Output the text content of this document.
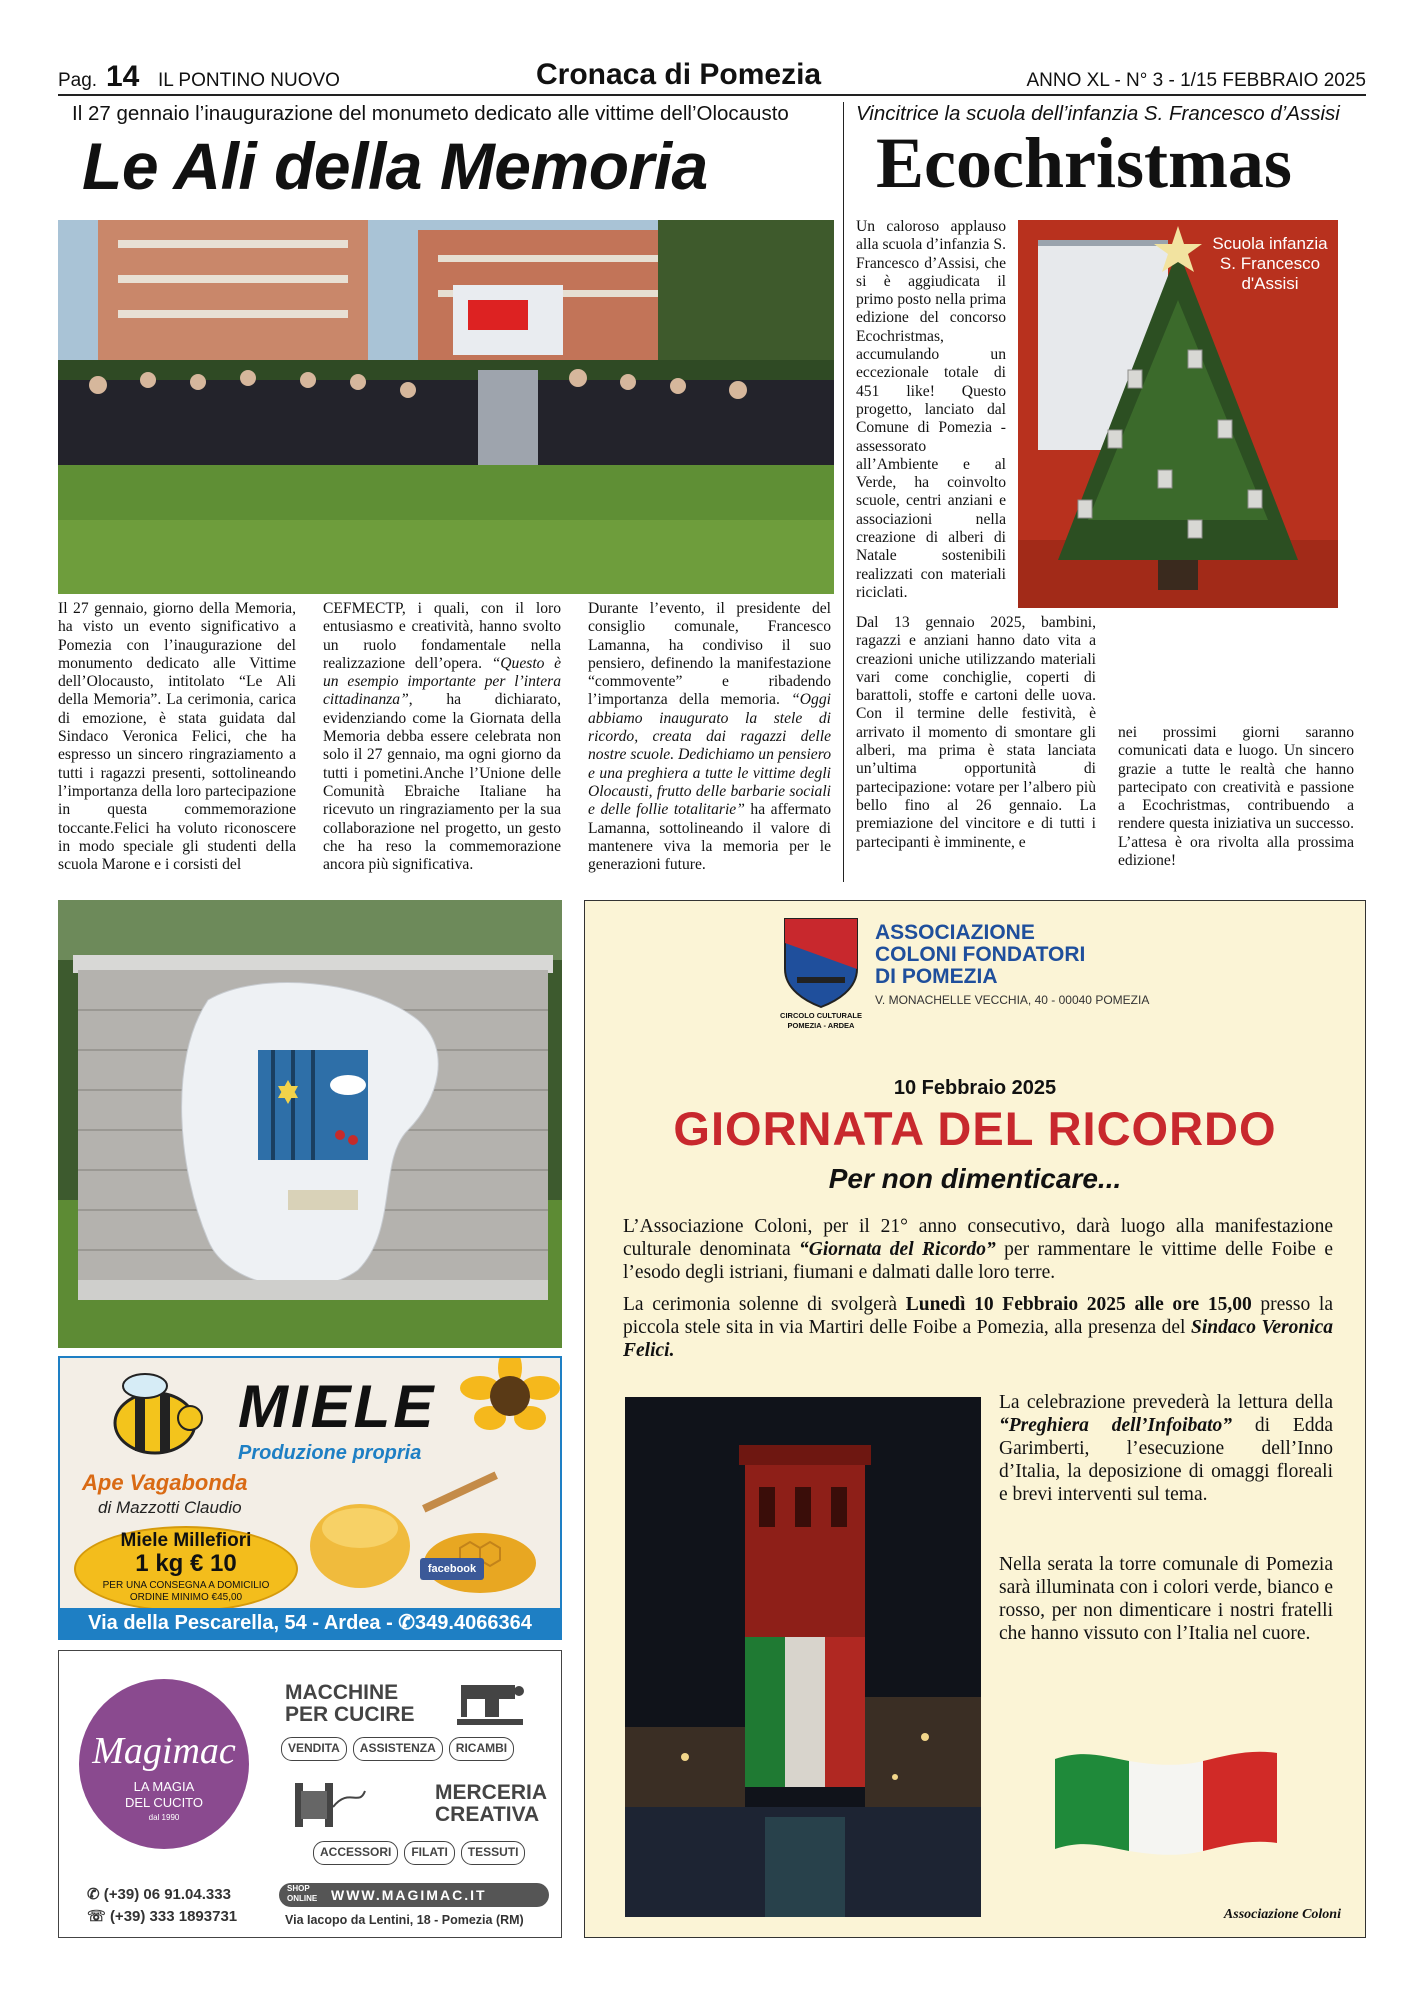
Pag. 14 IL PONTINO NUOVO	Cronaca di Pomezia	ANNO XL - N° 3 - 1/15 FEBBRAIO 2025
Il 27 gennaio l’inaugurazione del monumeto dedicato alle vittime dell’Olocausto
Le Ali della Memoria

Il 27 gennaio, giorno della Memoria, ha visto un evento significativo a Pomezia con l’inaugurazione del monumento dedicato alle Vittime dell’Olocausto, intitolato “Le Ali della Memoria”. La cerimonia, carica di emozione, è stata guidata dal Sindaco Veronica Felici, che ha espresso un sincero ringraziamento a tutti i ragazzi presenti, sottolineando l’importanza della loro partecipazione in questa commemorazione toccante.Felici ha voluto riconoscere in modo speciale gli studenti della scuola Marone e i corsisti del

CEFMECTP, i quali, con il loro entusiasmo e creatività, hanno svolto un ruolo fondamentale nella realizzazione dell’opera. “Questo è un esempio importante per l’intera cittadinanza”, ha dichiarato, evidenziando come la Giornata della Memoria debba essere celebrata non solo il 27 gennaio, ma ogni giorno da tutti i pometini.Anche l’Unione delle Comunità Ebraiche Italiane ha ricevuto un ringraziamento per la sua collaborazione nel progetto, un gesto che ha reso la commemorazione ancora più significativa.

Durante l’evento, il presidente del consiglio comunale, Francesco Lamanna, ha condiviso il suo pensiero, definendo la manifestazione “commovente” e ribadendo l’importanza della memoria. “Oggi abbiamo inaugurato la stele di ricordo, creata dai ragazzi delle nostre scuole. Dedichiamo un pensiero e una preghiera a tutte le vittime degli Olocausti, frutto delle barbarie sociali e delle follie totalitarie” ha affermato Lamanna, sottolineando il valore di mantenere viva la memoria per le generazioni future.

Vincitrice la scuola dell’infanzia S. Francesco d’Assisi
Ecochristmas

Un caloroso applauso alla scuola d’infanzia S. Francesco d’Assisi, che si è aggiudicata il primo posto nella prima edizione del concorso Ecochristmas, accumulando un eccezionale totale di 451 like! Questo progetto, lanciato dal Comune di Pomezia - assessorato all’Ambiente e al Verde, ha coinvolto scuole, centri anziani e associazioni nella creazione di alberi di Natale sostenibili realizzati con materiali riciclati.

Scuola infanzia S. Francesco d'Assisi

Dal 13 gennaio 2025, bambini, ragazzi e anziani hanno dato vita a creazioni uniche utilizzando materiali vari come conchiglie, coperti di barattoli, stoffe e cartoni delle uova. Con il termine delle festività, è arrivato il momento di smontare gli alberi, ma prima è stata lanciata un’ultima opportunità di partecipazione: votare per l’albero più bello fino al 26 gennaio. La premiazione del vincitore e di tutti i partecipanti è imminente, e

nei prossimi giorni saranno comunicati data e luogo. Un sincero grazie a tutte le realtà che hanno partecipato con creatività e passione a Ecochristmas, contribuendo a rendere questa iniziativa un successo. L’attesa è ora rivolta alla prossima edizione!

MIELE
Produzione propria
Ape Vagabonda
di Mazzotti Claudio
Miele Millefiori
1 kg € 10
PER UNA CONSEGNA A DOMICILIO
ORDINE MINIMO €45,00
facebook
Via della Pescarella, 54 - Ardea - ✆349.4066364
Magimac
LA MAGIA
DEL CUCITO
dal 1990
MACCHINE
PER CUCIRE
VENDITA	ASSISTENZA	RICAMBI
MERCERIA
CREATIVA
ACCESSORI	FILATI	TESSUTI
✆ (+39) 06 91.04.333
☏ (+39) 333 1893731
SHOP
ONLINE WWW.MAGIMAC.IT
Via Iacopo da Lentini, 18 - Pomezia (RM)
CIRCOLO CULTURALE
POMEZIA - ARDEA
ASSOCIAZIONE
COLONI FONDATORI
DI POMEZIA
V. MONACHELLE VECCHIA, 40 - 00040 POMEZIA
10 Febbraio 2025
GIORNATA DEL RICORDO
Per non dimenticare...
L’Associazione Coloni, per il 21° anno consecutivo, darà luogo alla manifestazione culturale denominata “Giornata del Ricordo” per rammentare le vittime delle Foibe e l’esodo degli istriani, fiumani e dalmati dalle loro terre.
La cerimonia solenne di svolgerà Lunedì 10 Febbraio 2025 alle ore 15,00 presso la piccola stele sita in via Martiri delle Foibe a Pomezia, alla presenza del Sindaco Veronica Felici.
La celebrazione prevederà la lettura della “Preghiera dell’Infoibato” di Edda Garimberti, l’esecuzione dell’Inno d’Italia, la deposizione di omaggi floreali e brevi interventi sul tema.
Nella serata la torre comunale di Pomezia sarà illuminata con i colori verde, bianco e rosso, per non dimenticare i nostri fratelli che hanno vissuto con l’Italia nel cuore.
Associazione Coloni
